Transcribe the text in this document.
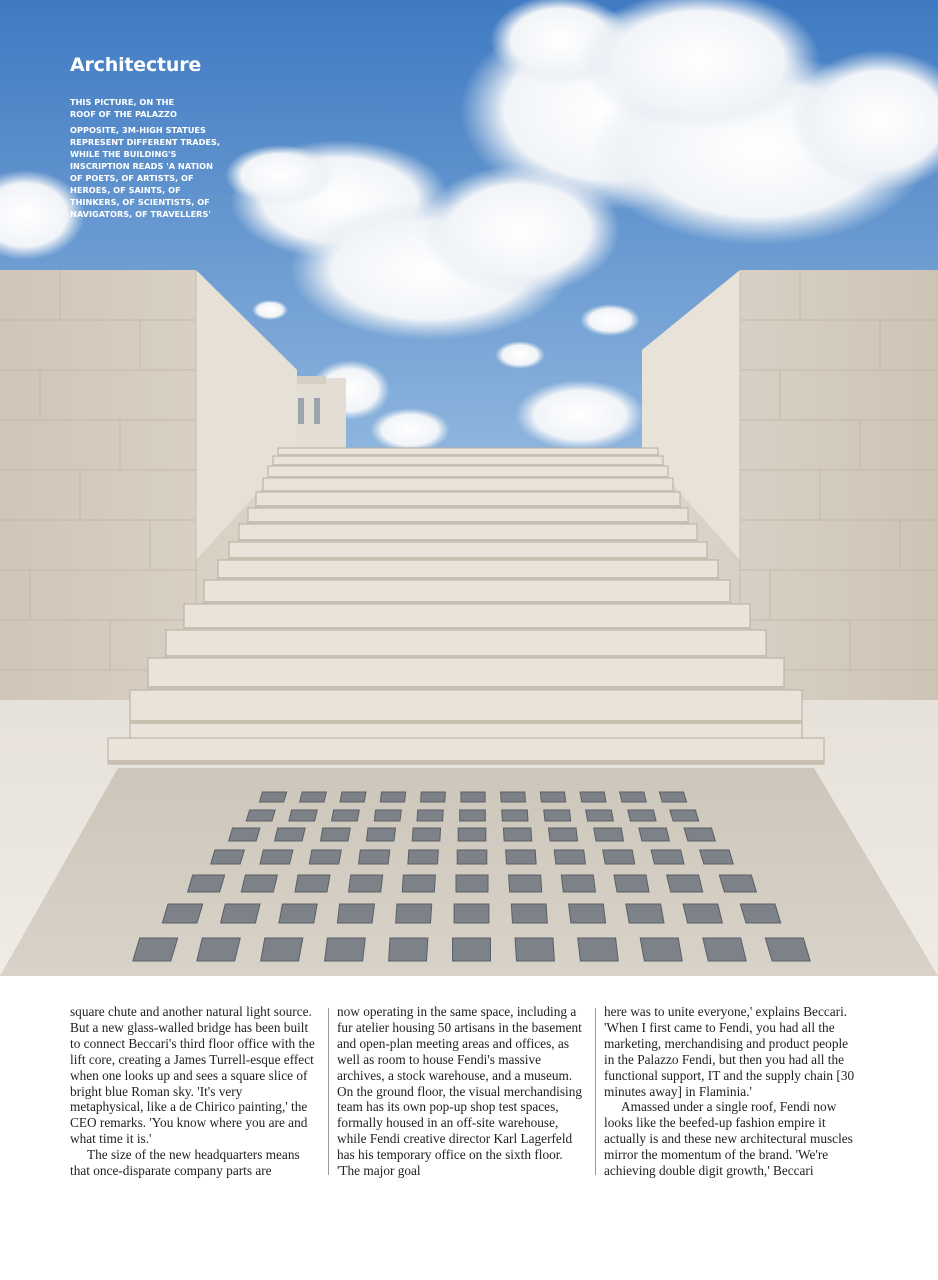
Architecture

THIS PICTURE, ON THE ROOF OF THE PALAZZO

OPPOSITE, 3M-HIGH STATUES REPRESENT DIFFERENT TRADES, WHILE THE BUILDING'S INSCRIPTION READS 'A NATION OF POETS, OF ARTISTS, OF HEROES, OF SAINTS, OF THINKERS, OF SCIENTISTS, OF NAVIGATORS, OF TRAVELLERS'

square chute and another natural light source. But a new glass-walled bridge has been built to connect Beccari's third floor office with the lift core, creating a James Turrell-esque effect when one looks up and sees a square slice of bright blue Roman sky. 'It's very metaphysical, like a de Chirico painting,' the CEO remarks. 'You know where you are and what time it is.'

The size of the new headquarters means that once-disparate company parts are

now operating in the same space, including a fur atelier housing 50 artisans in the basement and open-plan meeting areas and offices, as well as room to house Fendi's massive archives, a stock warehouse, and a museum. On the ground floor, the visual merchandising team has its own pop-up shop test spaces, formally housed in an off-site warehouse, while Fendi creative director Karl Lagerfeld has his temporary office on the sixth floor. 'The major goal

here was to unite everyone,' explains Beccari. 'When I first came to Fendi, you had all the marketing, merchandising and product people in the Palazzo Fendi, but then you had all the functional support, IT and the supply chain [30 minutes away] in Flaminia.'

Amassed under a single roof, Fendi now looks like the beefed-up fashion empire it actually is and these new architectural muscles mirror the momentum of the brand. 'We're achieving double digit growth,' Beccari
